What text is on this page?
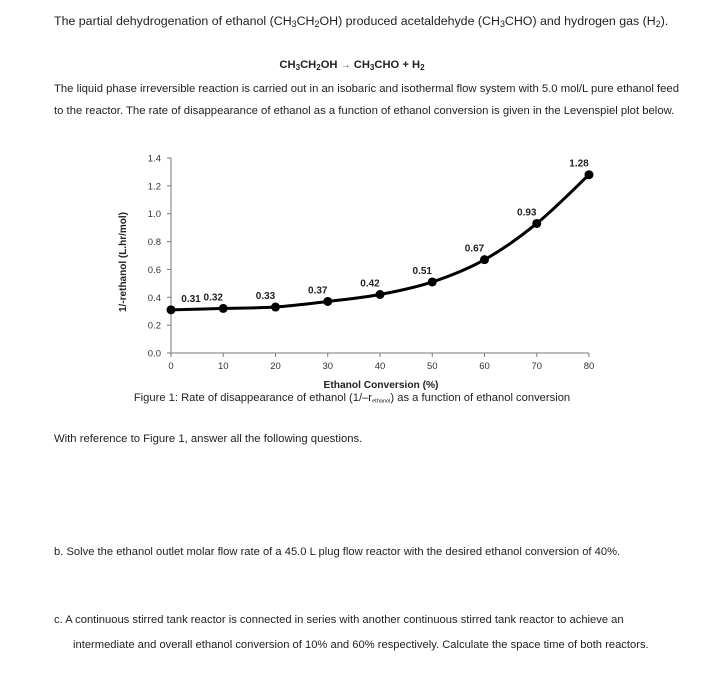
The partial dehydrogenation of ethanol $(CH_3CH_2OH)$ produced acetaldehyde $(CH_3CHO)$ and hydrogen gas $(H_2)$.

$CH_3CH_2OH \to CH_3CHO + H_2$

The liquid phase irreversible reaction is carried out in an isobaric and isothermal flow system with 5.0 mol/L pure ethanol feed to the reactor. The rate of disappearance of ethanol as a function of ethanol conversion is given in the Levenspiel plot below.

0.0
0.2
0.4
0.6
0.8
1.0
1.2
1.4
0	10	20	30	40	50	60	70	80
0.31 0.32	0.33
0.37
0.42
0.51
0.67
0.93
1.28
Ethanol Conversion (%)
1/-rethanol (L.hr/mol)
Figure 1: Rate of disappearance of ethanol $(1/-r_{ethanol})$ as a function of ethanol conversion

With reference to Figure 1, answer all the following questions.

b. Solve the ethanol outlet molar flow rate of a 45.0 L plug flow reactor with the desired ethanol conversion of 40%.

c. A continuous stirred tank reactor is connected in series with another continuous stirred tank reactor to achieve an intermediate and overall ethanol conversion of 10% and 60% respectively. Calculate the space time of both reactors.
